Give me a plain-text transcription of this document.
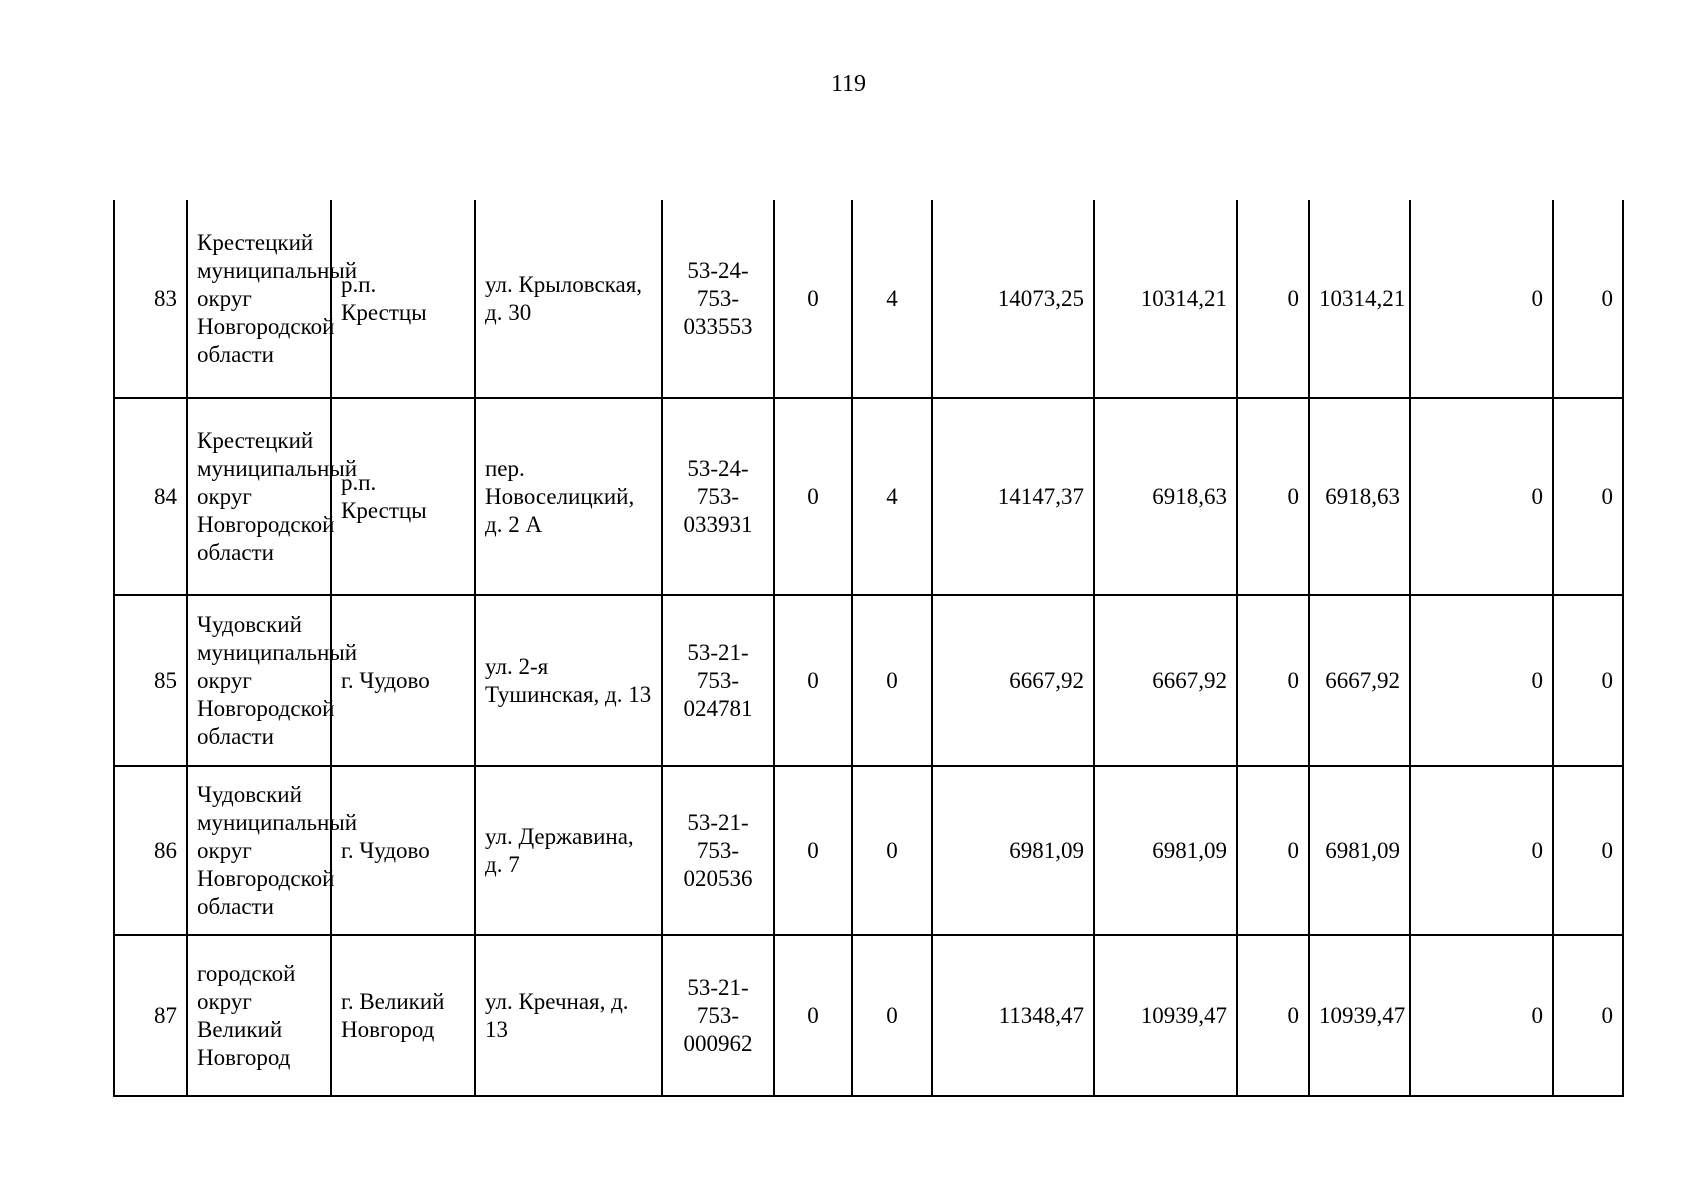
119
83	Крестецкий муниципальный округ Новгородской области	р.п. Крестцы	ул. Крыловская, д. 30	53-24-753-033553	0	4	14073,25	10314,21	0	10314,21	0	0
84	Крестецкий муниципальный округ Новгородской области	р.п. Крестцы	пер. Новоселицкий, д. 2 А	53-24-753-033931	0	4	14147,37	6918,63	0	6918,63	0	0
85	Чудовский муниципальный округ Новгородской области	г. Чудово	ул. 2-я Тушинская, д. 13	53-21-753-024781	0	0	6667,92	6667,92	0	6667,92	0	0
86	Чудовский муниципальный округ Новгородской области	г. Чудово	ул. Державина, д. 7	53-21-753-020536	0	0	6981,09	6981,09	0	6981,09	0	0
87	городской округ Великий Новгород	г. Великий Новгород	ул. Кречная, д. 13	53-21-753-000962	0	0	11348,47	10939,47	0	10939,47	0	0
